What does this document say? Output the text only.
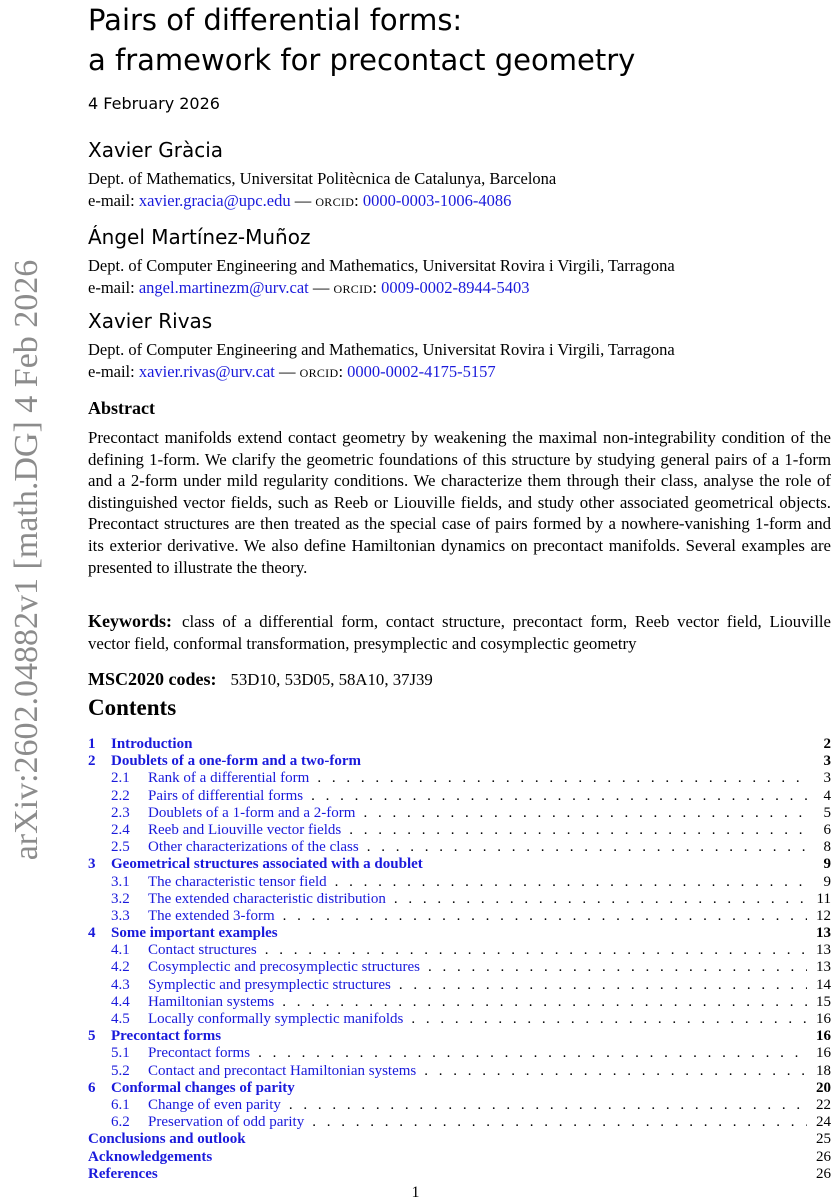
arXiv:2602.04882v1 [math.DG] 4 Feb 2026
Pairs of differential forms:
a framework for precontact geometry
4 February 2026
Xavier Gràcia
Dept. of Mathematics, Universitat Politècnica de Catalunya, Barcelona
e-mail: xavier.gracia@upc.edu — orcid: 0000-0003-1006-4086
Ángel Martínez-Muñoz
Dept. of Computer Engineering and Mathematics, Universitat Rovira i Virgili, Tarragona
e-mail: angel.martinezm@urv.cat — orcid: 0009-0002-8944-5403
Xavier Rivas
Dept. of Computer Engineering and Mathematics, Universitat Rovira i Virgili, Tarragona
e-mail: xavier.rivas@urv.cat — orcid: 0000-0002-4175-5157
Abstract
Precontact manifolds extend contact geometry by weakening the maximal non-integrability condition of the defining 1-form. We clarify the geometric foundations of this structure by studying general pairs of a 1-form and a 2-form under mild regularity conditions. We characterize them through their class, analyse the role of distinguished vector fields, such as Reeb or Liouville fields, and study other associated geometrical objects. Precontact structures are then treated as the special case of pairs formed by a nowhere-vanishing 1-form and its exterior derivative. We also define Hamiltonian dynamics on precontact manifolds. Several examples are presented to illustrate the theory.
Keywords: class of a differential form, contact structure, precontact form, Reeb vector field, Liouville vector field, conformal transformation, presymplectic and cosymplectic geometry
MSC2020 codes: 53D10, 53D05, 58A10, 37J39
Contents
1	Introduction	2
2	Doublets of a one-form and a two-form	3
2.1	Rank of a differential form . . .	3
2.2	Pairs of differential forms . . .	4
2.3	Doublets of a 1-form and a 2-form . . .	5
2.4	Reeb and Liouville vector fields . . .	6
2.5	Other characterizations of the class . . .	8
3	Geometrical structures associated with a doublet	9
3.1	The characteristic tensor field . . .	9
3.2	The extended characteristic distribution . . .	11
3.3	The extended 3-form . . .	12
4	Some important examples	13
4.1	Contact structures . . .	13
4.2	Cosymplectic and precosymplectic structures . . .	13
4.3	Symplectic and presymplectic structures . . .	14
4.4	Hamiltonian systems . . .	15
4.5	Locally conformally symplectic manifolds . . .	16
5	Precontact forms	16
5.1	Precontact forms . . .	16
5.2	Contact and precontact Hamiltonian systems . . .	18
6	Conformal changes of parity	20
6.1	Change of even parity . . .	22
6.2	Preservation of odd parity . . .	24
Conclusions and outlook	25
Acknowledgements	26
References	26
1
